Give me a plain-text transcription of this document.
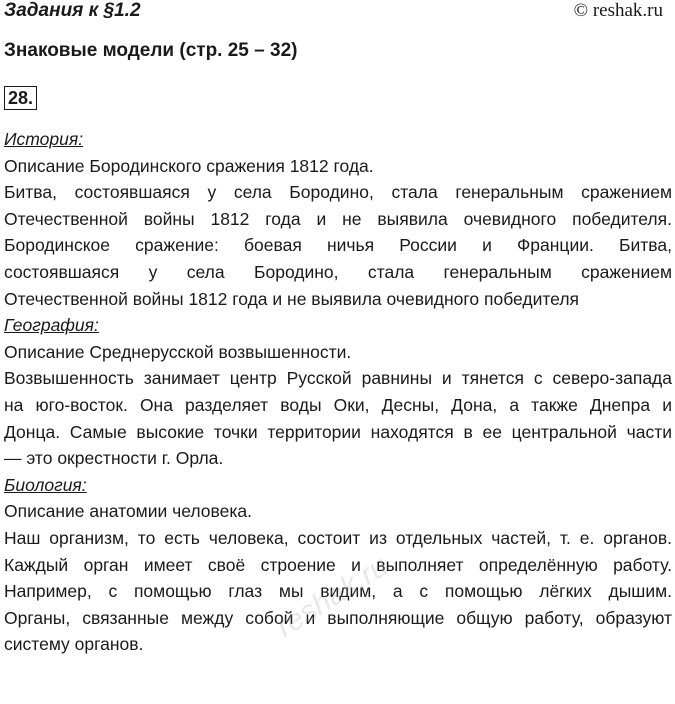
Задания к §1.2	© reshak.ru
Знаковые модели (стр. 25 – 32)
28.
История:
Описание Бородинского сражения 1812 года.
Битва, состоявшаяся у села Бородино, стала генеральным сражением
Отечественной войны 1812 года и не выявила очевидного победителя.
Бородинское сражение: боевая ничья России и Франции. Битва,
состоявшаяся у села Бородино, стала генеральным сражением
Отечественной войны 1812 года и не выявила очевидного победителя
География:
Описание Среднерусской возвышенности.
Возвышенность занимает центр Русской равнины и тянется с северо-запада
на юго-восток. Она разделяет воды Оки, Десны, Дона, а также Днепра и
Донца. Самые высокие точки территории находятся в ее центральной части
— это окрестности г. Орла.
Биология:
Описание анатомии человека.
Наш организм, то есть человека, состоит из отдельных частей, т. е. органов.
Каждый орган имеет своё строение и выполняет определённую работу.
Например, с помощью глаз мы видим, а с помощью лёгких дышим.
Органы, связанные между собой и выполняющие общую работу, образуют
систему органов.
reshak.ru
